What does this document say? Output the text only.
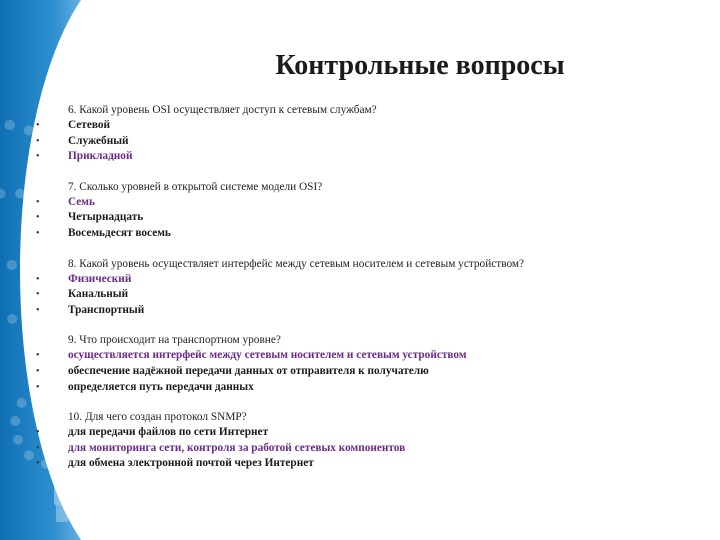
Контрольные вопросы
6. Какой уровень OSI осуществляет доступ к сетевым службам?
•	Сетевой
•	Служебный
•	Прикладной
7. Сколько уровней в открытой системе модели OSI?
•	Семь
•	Четырнадцать
•	Восемьдесят восемь
8. Какой уровень осуществляет интерфейс между сетевым носителем и сетевым устройством?
•	Физический
•	Канальный
•	Транспортный
9. Что происходит на транспортном уровне?
•	осуществляется интерфейс между сетевым носителем и сетевым устройством
•	обеспечение надёжной передачи данных от отправителя к получателю
•	определяется путь передачи данных
10. Для чего создан протокол SNMP?
•	для передачи файлов по сети Интернет
•	для мониторинга сети, контроля за работой сетевых компонентов
•	для обмена электронной почтой через Интернет
